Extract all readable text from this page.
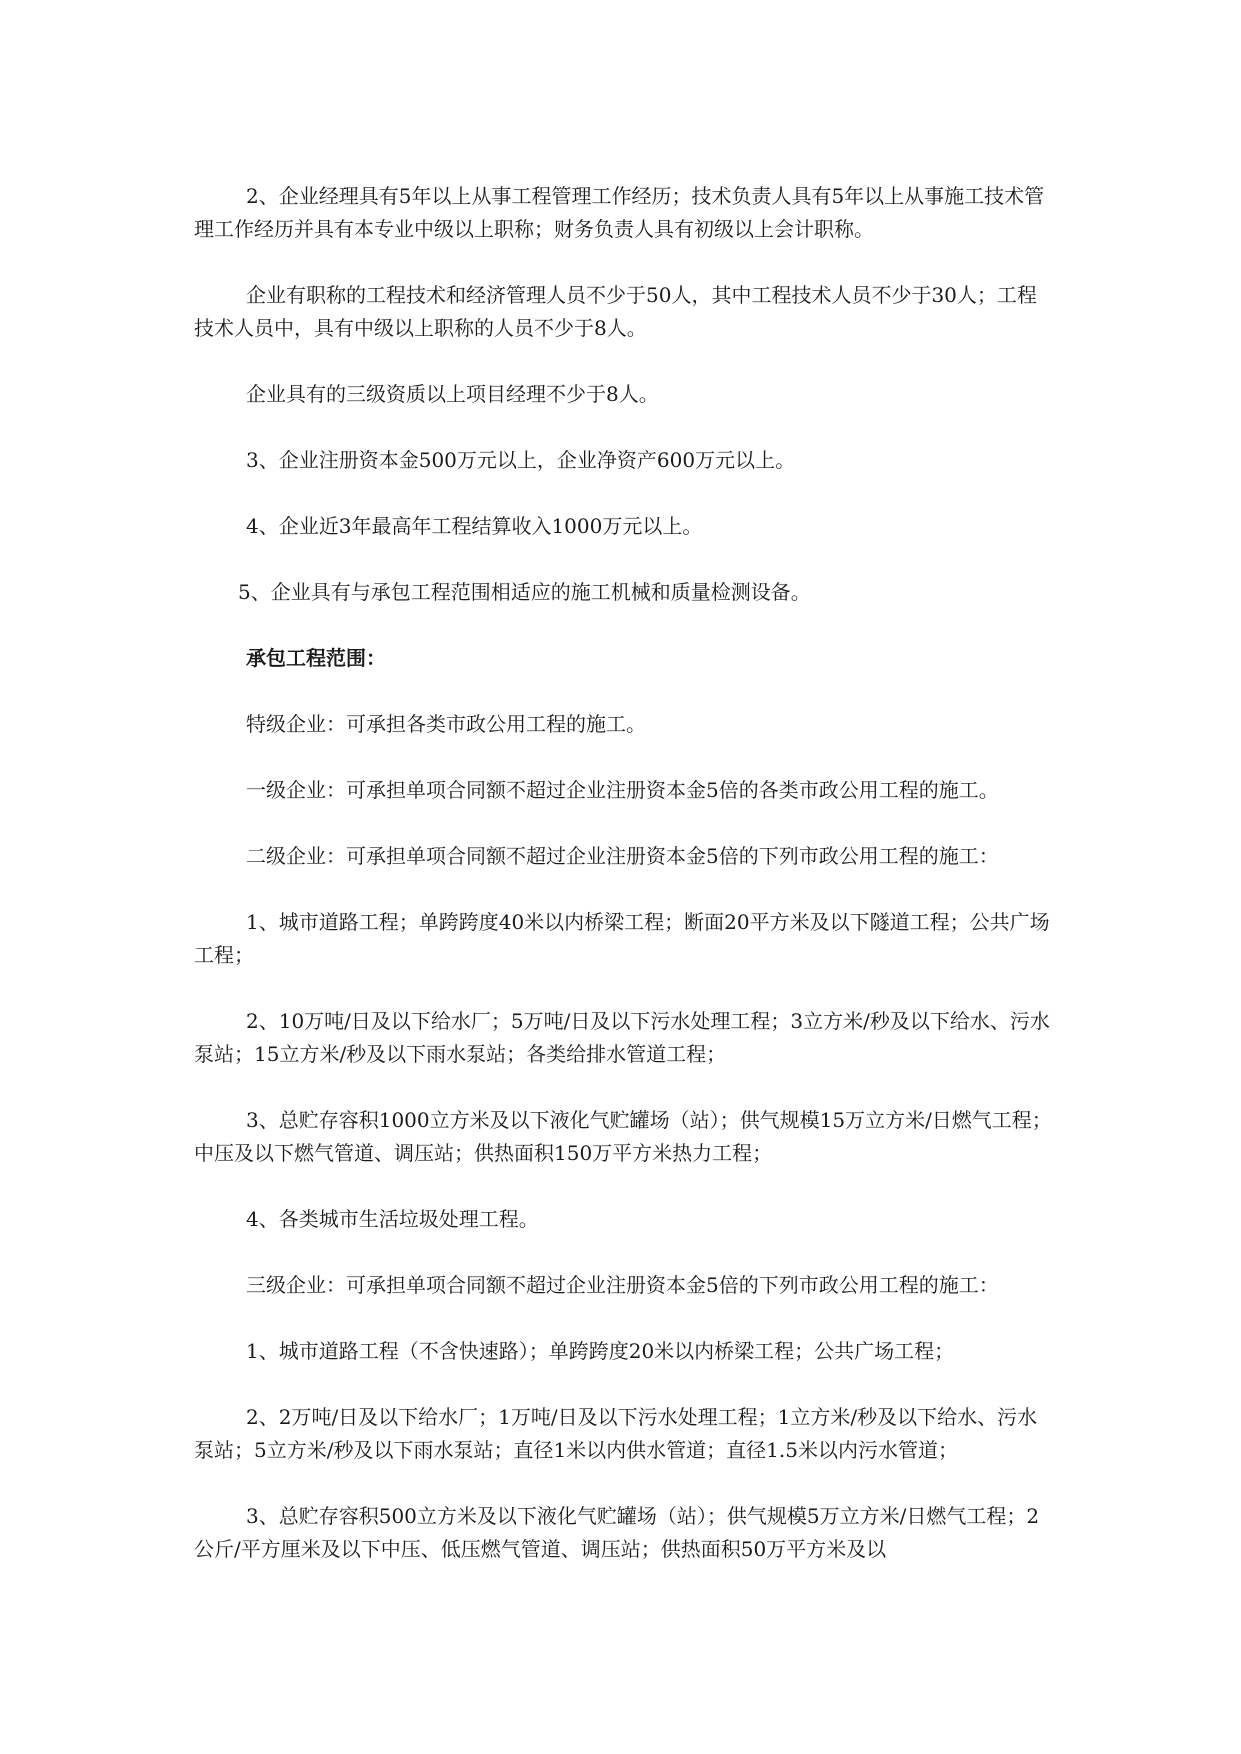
2、企业经理具有5年以上从事工程管理工作经历；技术负责人具有5年以上从事施工技术管理工作经历并具有本专业中级以上职称；财务负责人具有初级以上会计职称。

企业有职称的工程技术和经济管理人员不少于50人，其中工程技术人员不少于30人；工程技术人员中，具有中级以上职称的人员不少于8人。

企业具有的三级资质以上项目经理不少于8人。

3、企业注册资本金500万元以上，企业净资产600万元以上。

4、企业近3年最高年工程结算收入1000万元以上。

5、企业具有与承包工程范围相适应的施工机械和质量检测设备。

承包工程范围：

特级企业：可承担各类市政公用工程的施工。

一级企业：可承担单项合同额不超过企业注册资本金5倍的各类市政公用工程的施工。

二级企业：可承担单项合同额不超过企业注册资本金5倍的下列市政公用工程的施工：

1、城市道路工程；单跨跨度40米以内桥梁工程；断面20平方米及以下隧道工程；公共广场工程；

2、10万吨/日及以下给水厂；5万吨/日及以下污水处理工程；3立方米/秒及以下给水、污水泵站；15立方米/秒及以下雨水泵站；各类给排水管道工程；

3、总贮存容积1000立方米及以下液化气贮罐场（站）；供气规模15万立方米/日燃气工程；中压及以下燃气管道、调压站；供热面积150万平方米热力工程；

4、各类城市生活垃圾处理工程。

三级企业：可承担单项合同额不超过企业注册资本金5倍的下列市政公用工程的施工：

1、城市道路工程（不含快速路）；单跨跨度20米以内桥梁工程；公共广场工程；

2、2万吨/日及以下给水厂；1万吨/日及以下污水处理工程；1立方米/秒及以下给水、污水泵站；5立方米/秒及以下雨水泵站；直径1米以内供水管道；直径1.5米以内污水管道；

3、总贮存容积500立方米及以下液化气贮罐场（站）；供气规模5万立方米/日燃气工程；2公斤/平方厘米及以下中压、低压燃气管道、调压站；供热面积50万平方米及以
